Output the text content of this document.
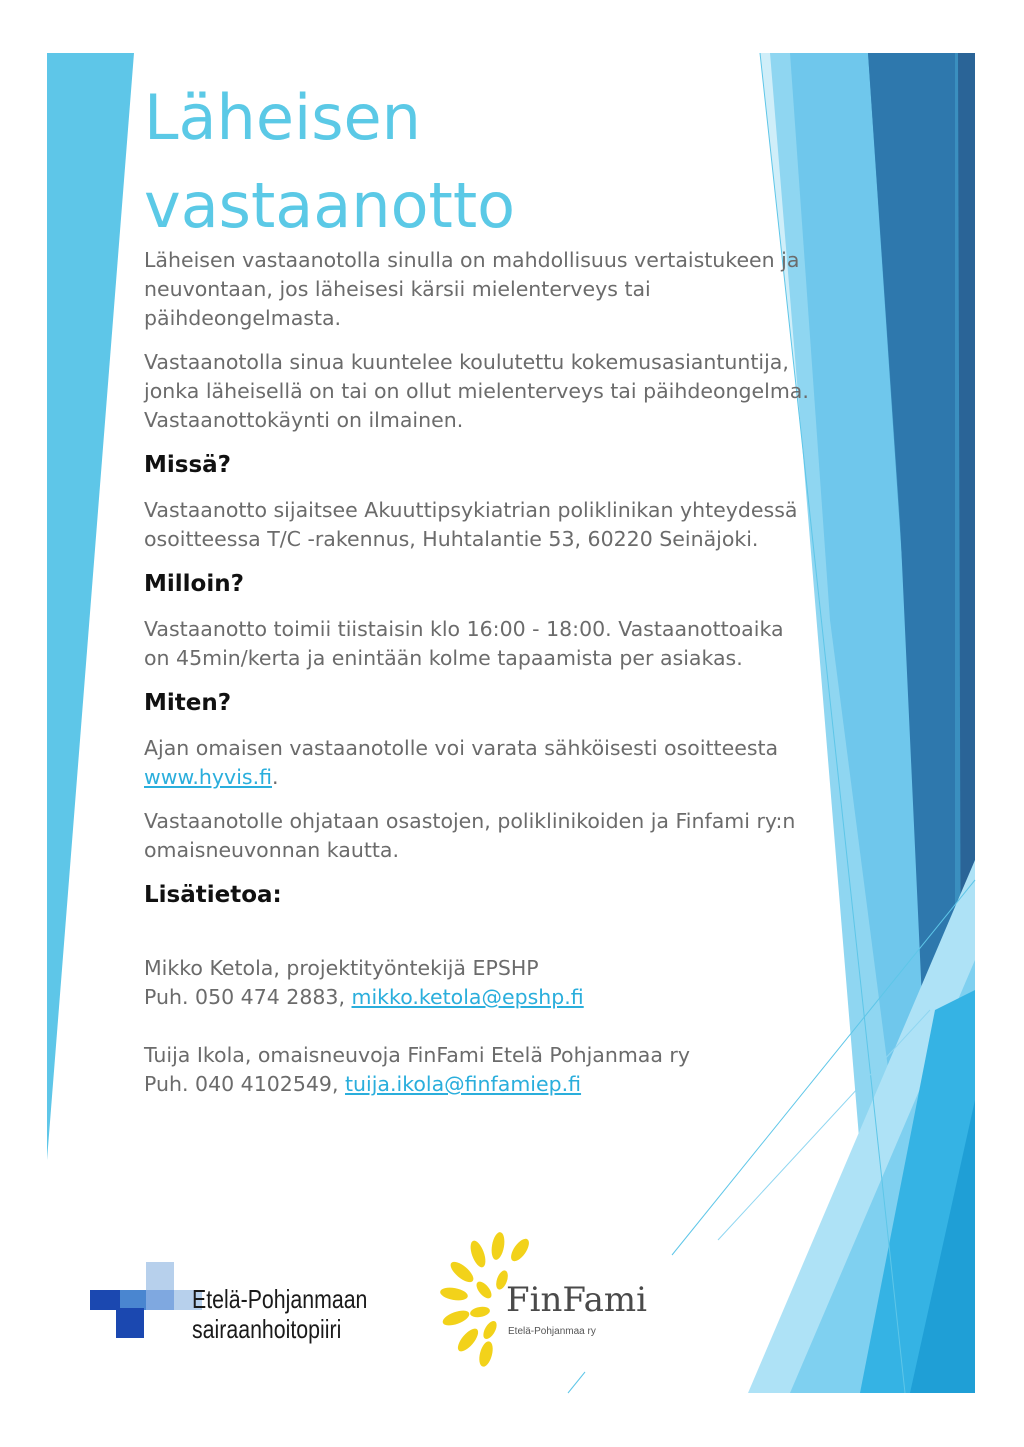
Läheisen
vastaanotto

Läheisen vastaanotolla sinulla on mahdollisuus vertaistukeen ja neuvontaan, jos läheisesi kärsii mielenterveys tai päihdeongelmasta.

Vastaanotolla sinua kuuntelee koulutettu kokemusasiantuntija, jonka läheisellä on tai on ollut mielenterveys tai päihdeongelma. Vastaanottokäynti on ilmainen.

Missä?

Vastaanotto sijaitsee Akuuttipsykiatrian poliklinikan yhteydessä osoitteessa T/C -rakennus, Huhtalantie 53, 60220 Seinäjoki.

Milloin?

Vastaanotto toimii tiistaisin klo 16:00 - 18:00. Vastaanottoaika on 45min/kerta ja enintään kolme tapaamista per asiakas.

Miten?

Ajan omaisen vastaanotolle voi varata sähköisesti osoitteesta www.hyvis.fi.

Vastaanotolle ohjataan osastojen, poliklinikoiden ja Finfami ry:n omaisneuvonnan kautta.

Lisätietoa:

Mikko Ketola, projektityöntekijä EPSHP
Puh. 050 474 2883, mikko.ketola@epshp.fi

Tuija Ikola, omaisneuvoja FinFami Etelä Pohjanmaa ry
Puh. 040 4102549, tuija.ikola@finfamiep.fi

Etelä-Pohjanmaan
sairaanhoitopiiri
FinFami
Etelä-Pohjanmaa ry
